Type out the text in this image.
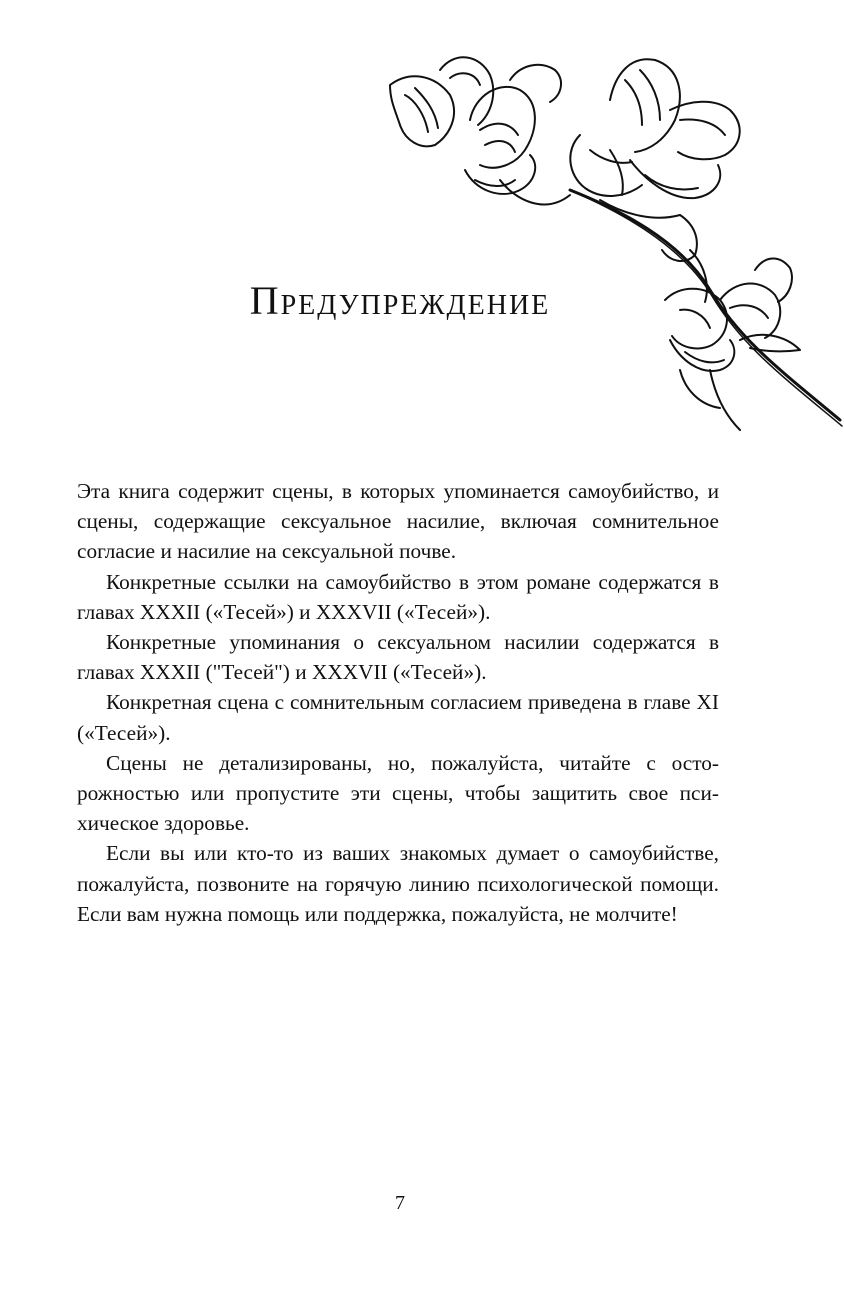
Предупреждение

Эта книга содержит сцены, в которых упоминается самоубийство, и сцены, содержащие сексуальное насилие, включая сомнительное согласие и насилие на сексуальной почве.

Конкретные ссылки на самоубийство в этом романе содержатся в главах XXXII («Тесей») и XXXVII («Тесей»).

Конкретные упоминания о сексуальном насилии содержатся в главах XXXII ("Тесей") и XXXVII («Тесей»).

Конкретная сцена с сомнительным согласием приведена в главе XI («Тесей»).

Сцены не детализированы, но, пожалуйста, читайте с осторожностью или пропустите эти сцены, чтобы защитить свое психическое здоровье.

Если вы или кто-то из ваших знакомых думает о самоубийстве, пожалуйста, позвоните на горячую линию психологической помощи. Если вам нужна помощь или поддержка, пожалуйста, не молчите!

7
